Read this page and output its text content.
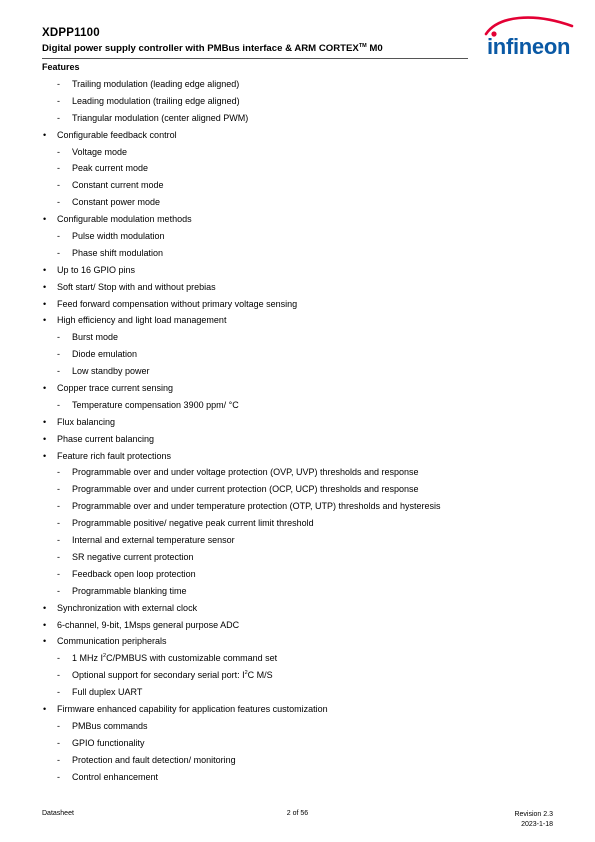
XDPP1100
Digital power supply controller with PMBus interface & ARM CORTEX™ M0	infineon
Features
- Trailing modulation (leading edge aligned)
- Leading modulation (trailing edge aligned)
- Triangular modulation (center aligned PWM)
• Configurable feedback control
- Voltage mode
- Peak current mode
- Constant current mode
- Constant power mode
• Configurable modulation methods
- Pulse width modulation
- Phase shift modulation
• Up to 16 GPIO pins
• Soft start/ Stop with and without prebias
• Feed forward compensation without primary voltage sensing
• High efficiency and light load management
- Burst mode
- Diode emulation
- Low standby power
• Copper trace current sensing
- Temperature compensation 3900 ppm/ °C
• Flux balancing
• Phase current balancing
• Feature rich fault protections
- Programmable over and under voltage protection (OVP, UVP) thresholds and response
- Programmable over and under current protection (OCP, UCP) thresholds and response
- Programmable over and under temperature protection (OTP, UTP) thresholds and hysteresis
- Programmable positive/ negative peak current limit threshold
- Internal and external temperature sensor
- SR negative current protection
- Feedback open loop protection
- Programmable blanking time
• Synchronization with external clock
• 6-channel, 9-bit, 1Msps general purpose ADC
• Communication peripherals
- 1 MHz $I^2C$/PMBUS with customizable command set
- Optional support for secondary serial port: $I^2C$ M/S
- Full duplex UART
• Firmware enhanced capability for application features customization
- PMBus commands
- GPIO functionality
- Protection and fault detection/ monitoring
- Control enhancement
Datasheet	2 of 56	Revision 2.3
2023-1-18
